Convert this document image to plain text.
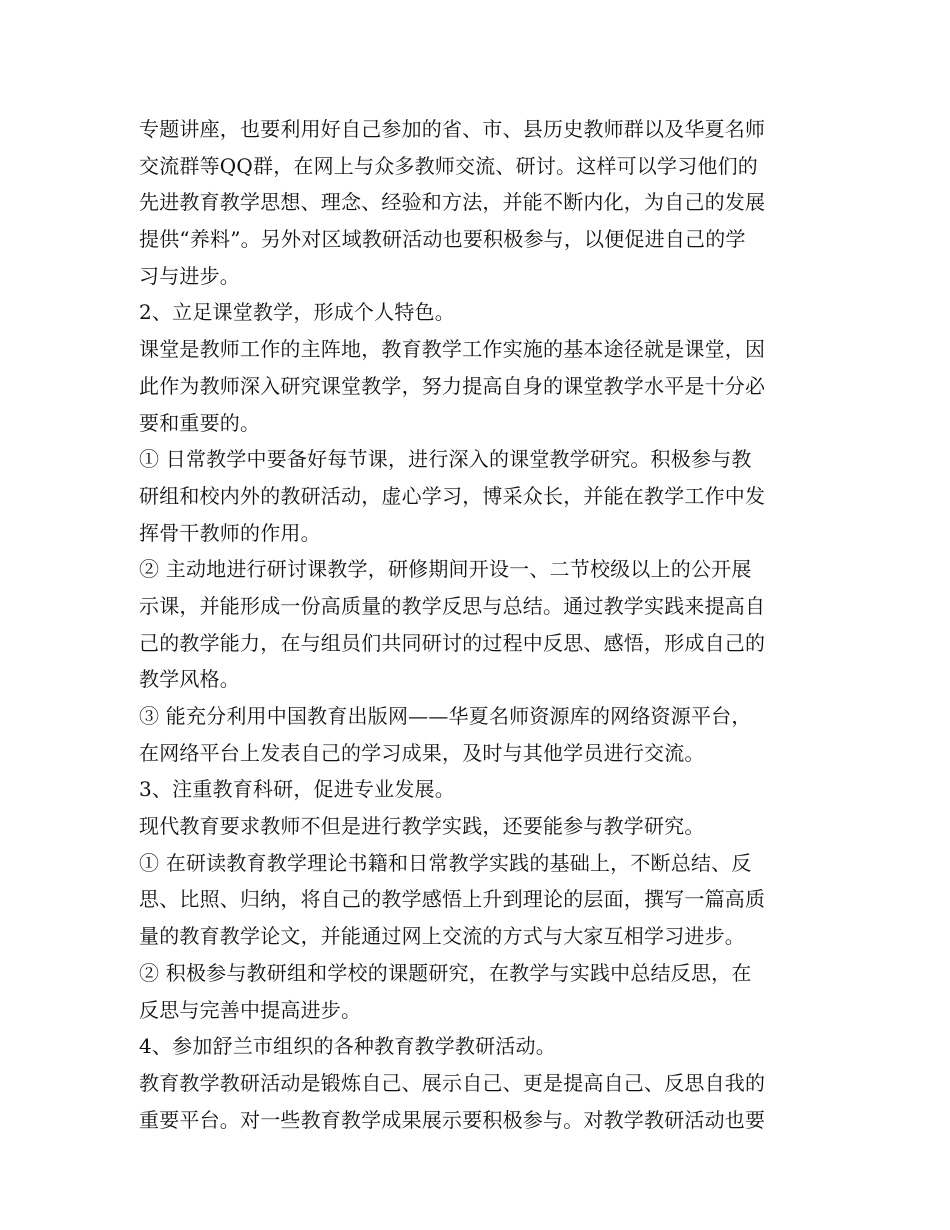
专题讲座，也要利用好自己参加的省、市、县历史教师群以及华夏名师
交流群等QQ群，在网上与众多教师交流、研讨。这样可以学习他们的
先进教育教学思想、理念、经验和方法，并能不断内化，为自己的发展
提供“养料”。另外对区域教研活动也要积极参与，以便促进自己的学
习与进步。
2、立足课堂教学，形成个人特色。
课堂是教师工作的主阵地，教育教学工作实施的基本途径就是课堂，因
此作为教师深入研究课堂教学，努力提高自身的课堂教学水平是十分必
要和重要的。
① 日常教学中要备好每节课，进行深入的课堂教学研究。积极参与教
研组和校内外的教研活动，虚心学习，博采众长，并能在教学工作中发
挥骨干教师的作用。
② 主动地进行研讨课教学，研修期间开设一、二节校级以上的公开展
示课，并能形成一份高质量的教学反思与总结。通过教学实践来提高自
己的教学能力，在与组员们共同研讨的过程中反思、感悟，形成自己的
教学风格。
③ 能充分利用中国教育出版网——华夏名师资源库的网络资源平台，
在网络平台上发表自己的学习成果，及时与其他学员进行交流。
3、注重教育科研，促进专业发展。
现代教育要求教师不但是进行教学实践，还要能参与教学研究。
① 在研读教育教学理论书籍和日常教学实践的基础上，不断总结、反
思、比照、归纳，将自己的教学感悟上升到理论的层面，撰写一篇高质
量的教育教学论文，并能通过网上交流的方式与大家互相学习进步。
② 积极参与教研组和学校的课题研究，在教学与实践中总结反思，在
反思与完善中提高进步。
4、参加舒兰市组织的各种教育教学教研活动。
教育教学教研活动是锻炼自己、展示自己、更是提高自己、反思自我的
重要平台。对一些教育教学成果展示要积极参与。对教学教研活动也要
